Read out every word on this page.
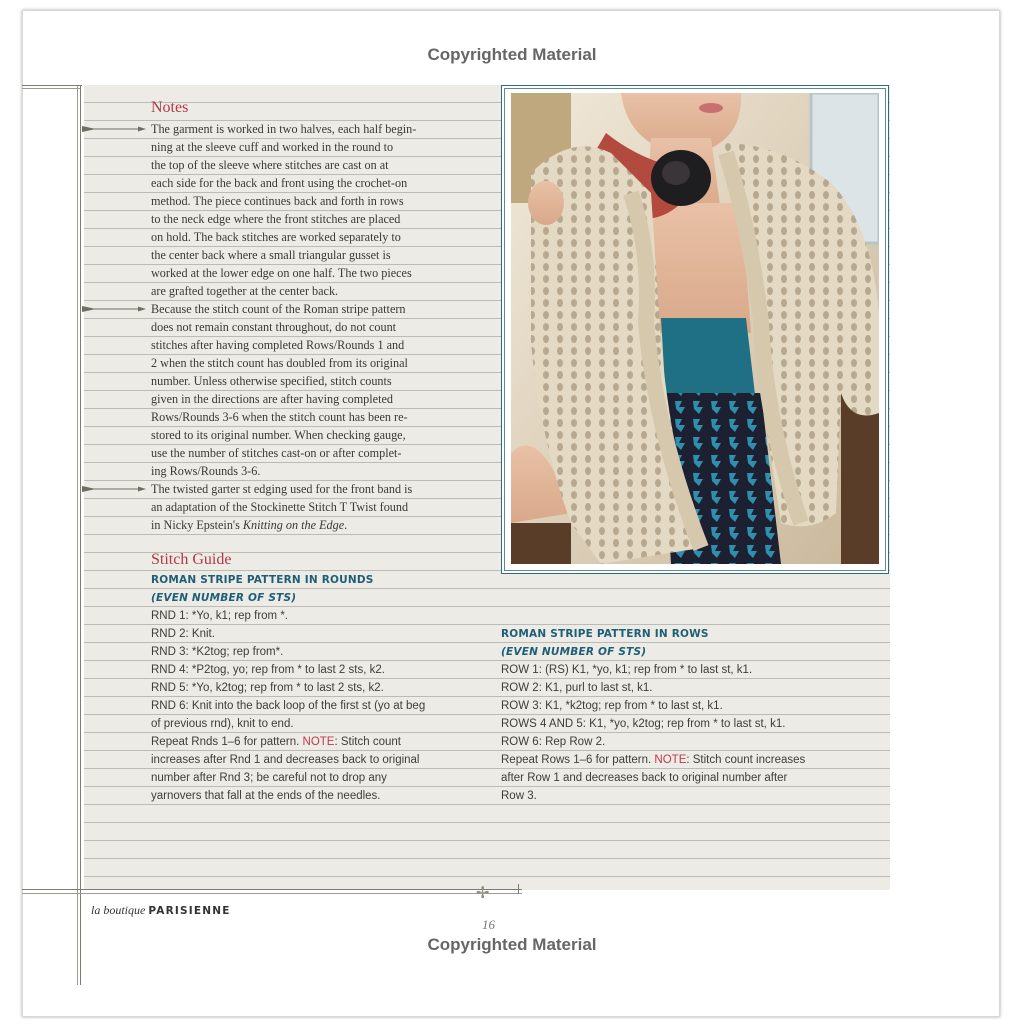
Copyrighted Material
✢
Notes
The garment is worked in two halves, each half begin-
ning at the sleeve cuff and worked in the round to
the top of the sleeve where stitches are cast on at
each side for the back and front using the crochet-on
method. The piece continues back and forth in rows
to the neck edge where the front stitches are placed
on hold. The back stitches are worked separately to
the center back where a small triangular gusset is
worked at the lower edge on one half. The two pieces
are grafted together at the center back.
Because the stitch count of the Roman stripe pattern
does not remain constant throughout, do not count
stitches after having completed Rows/Rounds 1 and
2 when the stitch count has doubled from its original
number. Unless otherwise specified, stitch counts
given in the directions are after having completed
Rows/Rounds 3-6 when the stitch count has been re-
stored to its original number. When checking gauge,
use the number of stitches cast-on or after complet-
ing Rows/Rounds 3-6.
The twisted garter st edging used for the front band is
an adaptation of the Stockinette Stitch T Twist found
in Nicky Epstein's Knitting on the Edge.
Stitch Guide
ROMAN STRIPE PATTERN IN ROUNDS
(EVEN NUMBER OF STS)
RND 1: *Yo, k1; rep from *.
RND 2: Knit.
RND 3: *K2tog; rep from*.
RND 4: *P2tog, yo; rep from * to last 2 sts, k2.
RND 5: *Yo, k2tog; rep from * to last 2 sts, k2.
RND 6: Knit into the back loop of the first st (yo at beg
of previous rnd), knit to end.
Repeat Rnds 1–6 for pattern. NOTE: Stitch count
increases after Rnd 1 and decreases back to original
number after Rnd 3; be careful not to drop any
yarnovers that fall at the ends of the needles.
ROMAN STRIPE PATTERN IN ROWS
(EVEN NUMBER OF STS)
ROW 1: (RS) K1, *yo, k1; rep from * to last st, k1.
ROW 2: K1, purl to last st, k1.
ROW 3: K1, *k2tog; rep from * to last st, k1.
ROWS 4 AND 5: K1, *yo, k2tog; rep from * to last st, k1.
ROW 6: Rep Row 2.
Repeat Rows 1–6 for pattern. NOTE: Stitch count increases
after Row 1 and decreases back to original number after
Row 3.
la boutique PARISIENNE
16
Copyrighted Material
